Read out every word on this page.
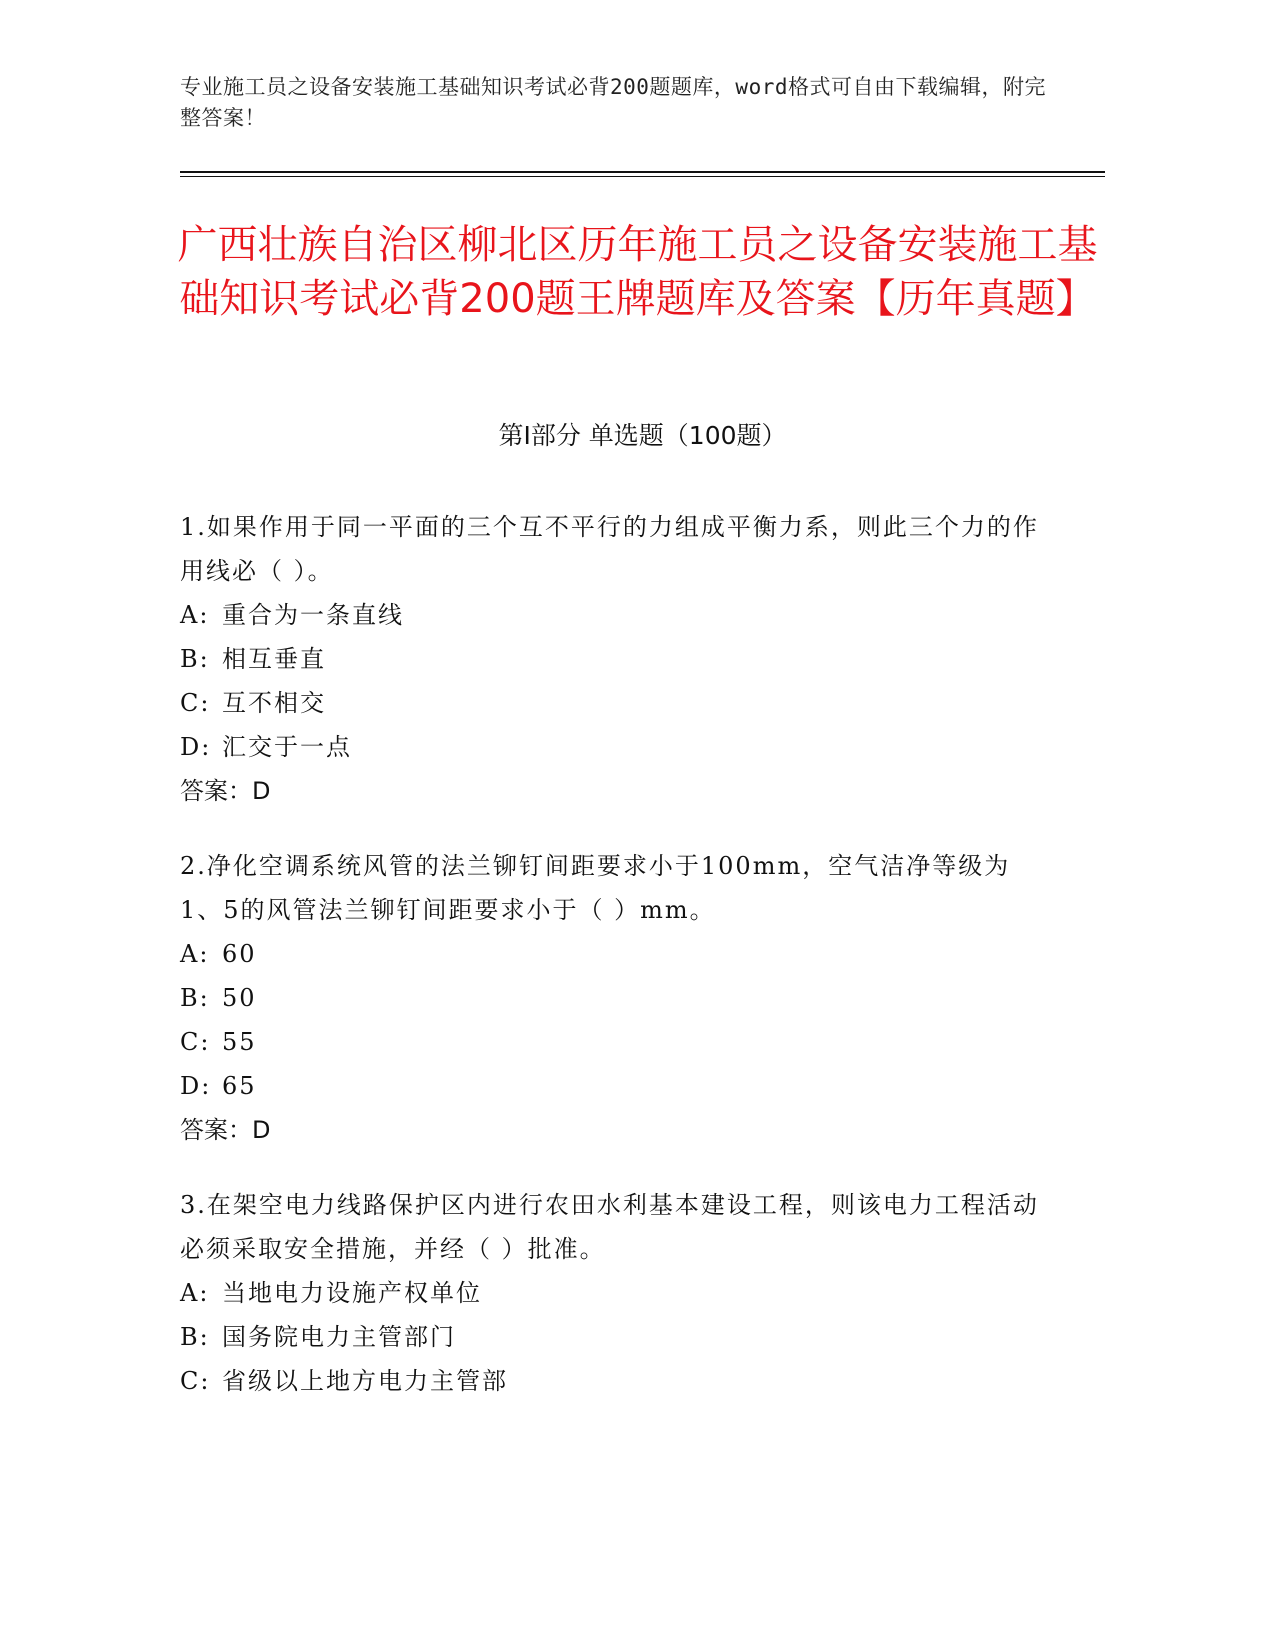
专业施工员之设备安装施工基础知识考试必背200题题库，word格式可自由下载编辑，附完整答案！
广西壮族自治区柳北区历年施工员之设备安装施工基础知识考试必背200题王牌题库及答案【历年真题】
第I部分 单选题（100题）
1.如果作用于同一平面的三个互不平行的力组成平衡力系，则此三个力的作用线必（ ）。
A: 重合为一条直线
B: 相互垂直
C: 互不相交
D: 汇交于一点
答案：D
2.净化空调系统风管的法兰铆钉间距要求小于100mm，空气洁净等级为1、5的风管法兰铆钉间距要求小于（ ）mm。
A: 60
B: 50
C: 55
D: 65
答案：D
3.在架空电力线路保护区内进行农田水利基本建设工程，则该电力工程活动必须采取安全措施，并经（ ）批准。
A: 当地电力设施产权单位
B: 国务院电力主管部门
C: 省级以上地方电力主管部
